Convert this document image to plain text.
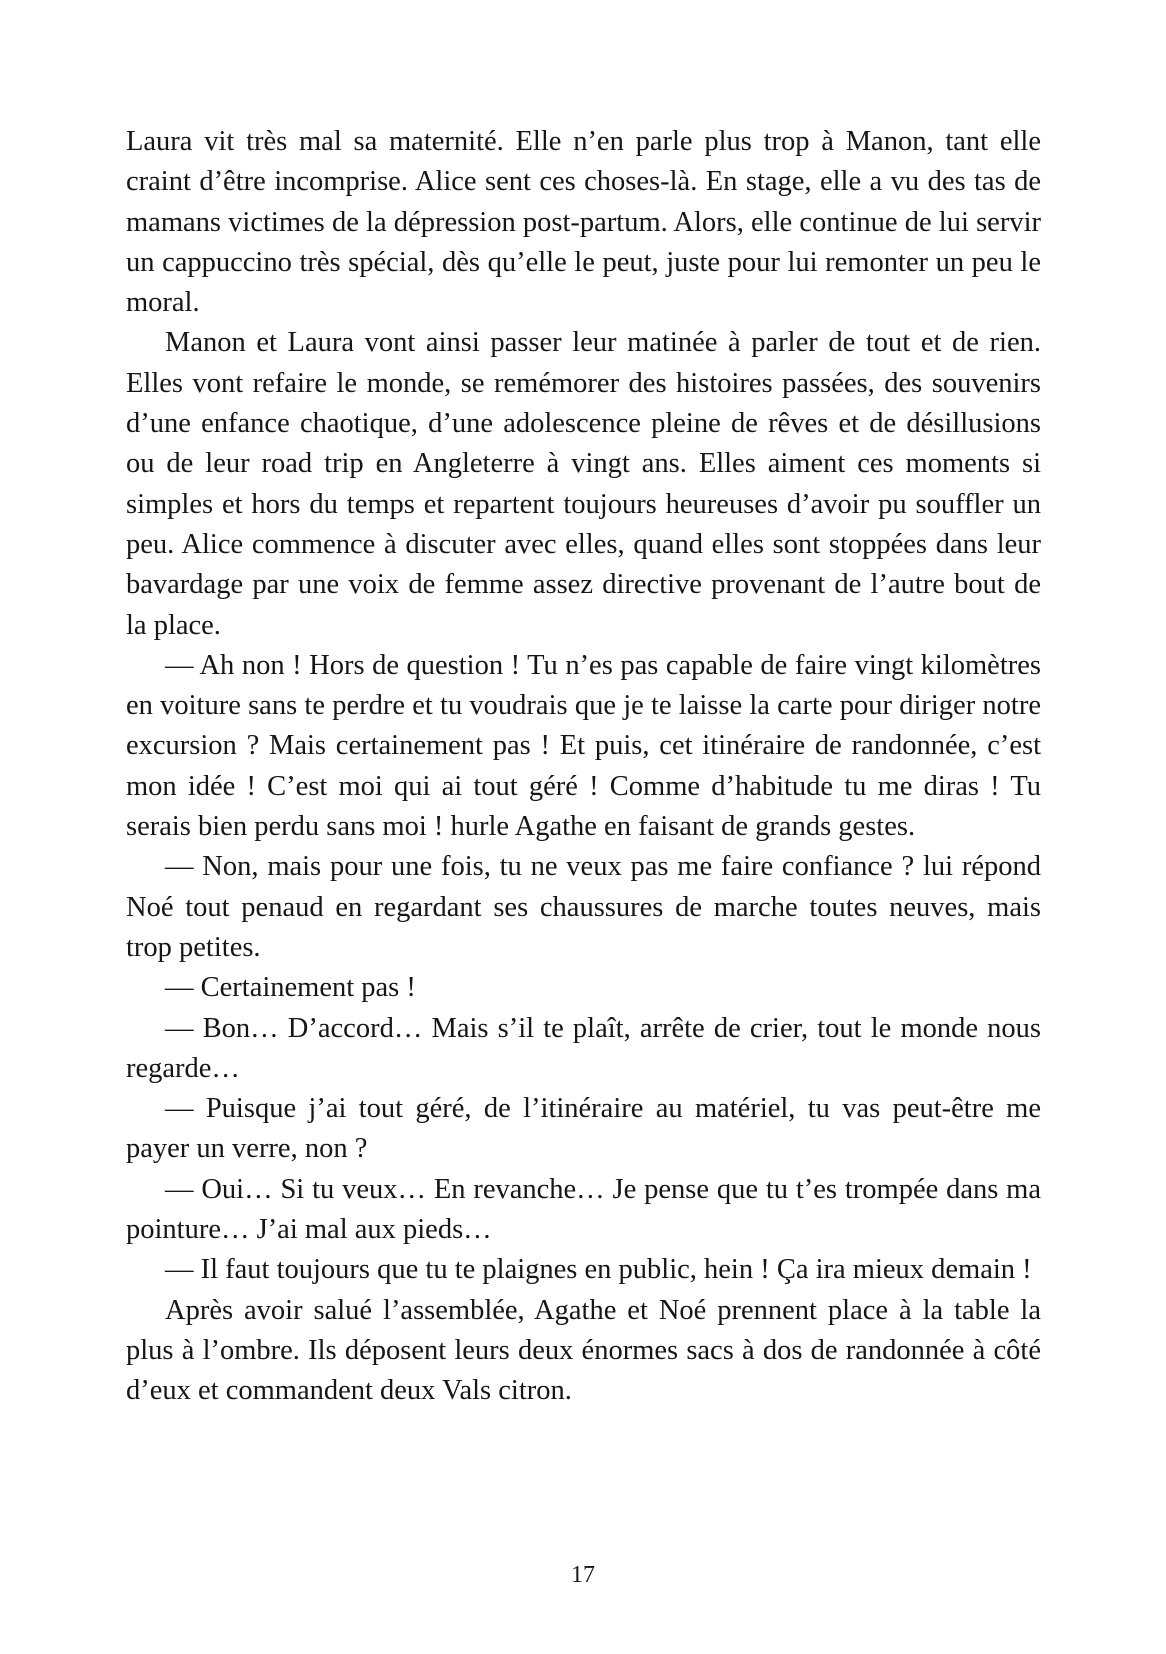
Laura vit très mal sa maternité. Elle n’en parle plus trop à Manon, tant elle craint d’être incomprise. Alice sent ces choses-là. En stage, elle a vu des tas de mamans victimes de la dépression post-partum. Alors, elle continue de lui servir un cappuccino très spécial, dès qu’elle le peut, juste pour lui remonter un peu le moral.

Manon et Laura vont ainsi passer leur matinée à parler de tout et de rien. Elles vont refaire le monde, se remémorer des histoires passées, des souvenirs d’une enfance chaotique, d’une adolescence pleine de rêves et de désillusions ou de leur road trip en Angleterre à vingt ans. Elles aiment ces moments si simples et hors du temps et repartent toujours heureuses d’avoir pu souffler un peu. Alice commence à discuter avec elles, quand elles sont stoppées dans leur bavardage par une voix de femme assez directive provenant de l’autre bout de la place.

— Ah non ! Hors de question ! Tu n’es pas capable de faire vingt kilomètres en voiture sans te perdre et tu voudrais que je te laisse la carte pour diriger notre excursion ? Mais certainement pas ! Et puis, cet itinéraire de randonnée, c’est mon idée ! C’est moi qui ai tout géré ! Comme d’habitude tu me diras ! Tu serais bien perdu sans moi ! hurle Agathe en faisant de grands gestes.

— Non, mais pour une fois, tu ne veux pas me faire confiance ? lui répond Noé tout penaud en regardant ses chaussures de marche toutes neuves, mais trop petites.

— Certainement pas !

— Bon… D’accord… Mais s’il te plaît, arrête de crier, tout le monde nous regarde…

— Puisque j’ai tout géré, de l’itinéraire au matériel, tu vas peut-être me payer un verre, non ?

— Oui… Si tu veux… En revanche… Je pense que tu t’es trompée dans ma pointure… J’ai mal aux pieds…

— Il faut toujours que tu te plaignes en public, hein ! Ça ira mieux demain !

Après avoir salué l’assemblée, Agathe et Noé prennent place à la table la plus à l’ombre. Ils déposent leurs deux énormes sacs à dos de randonnée à côté d’eux et commandent deux Vals citron.

17
